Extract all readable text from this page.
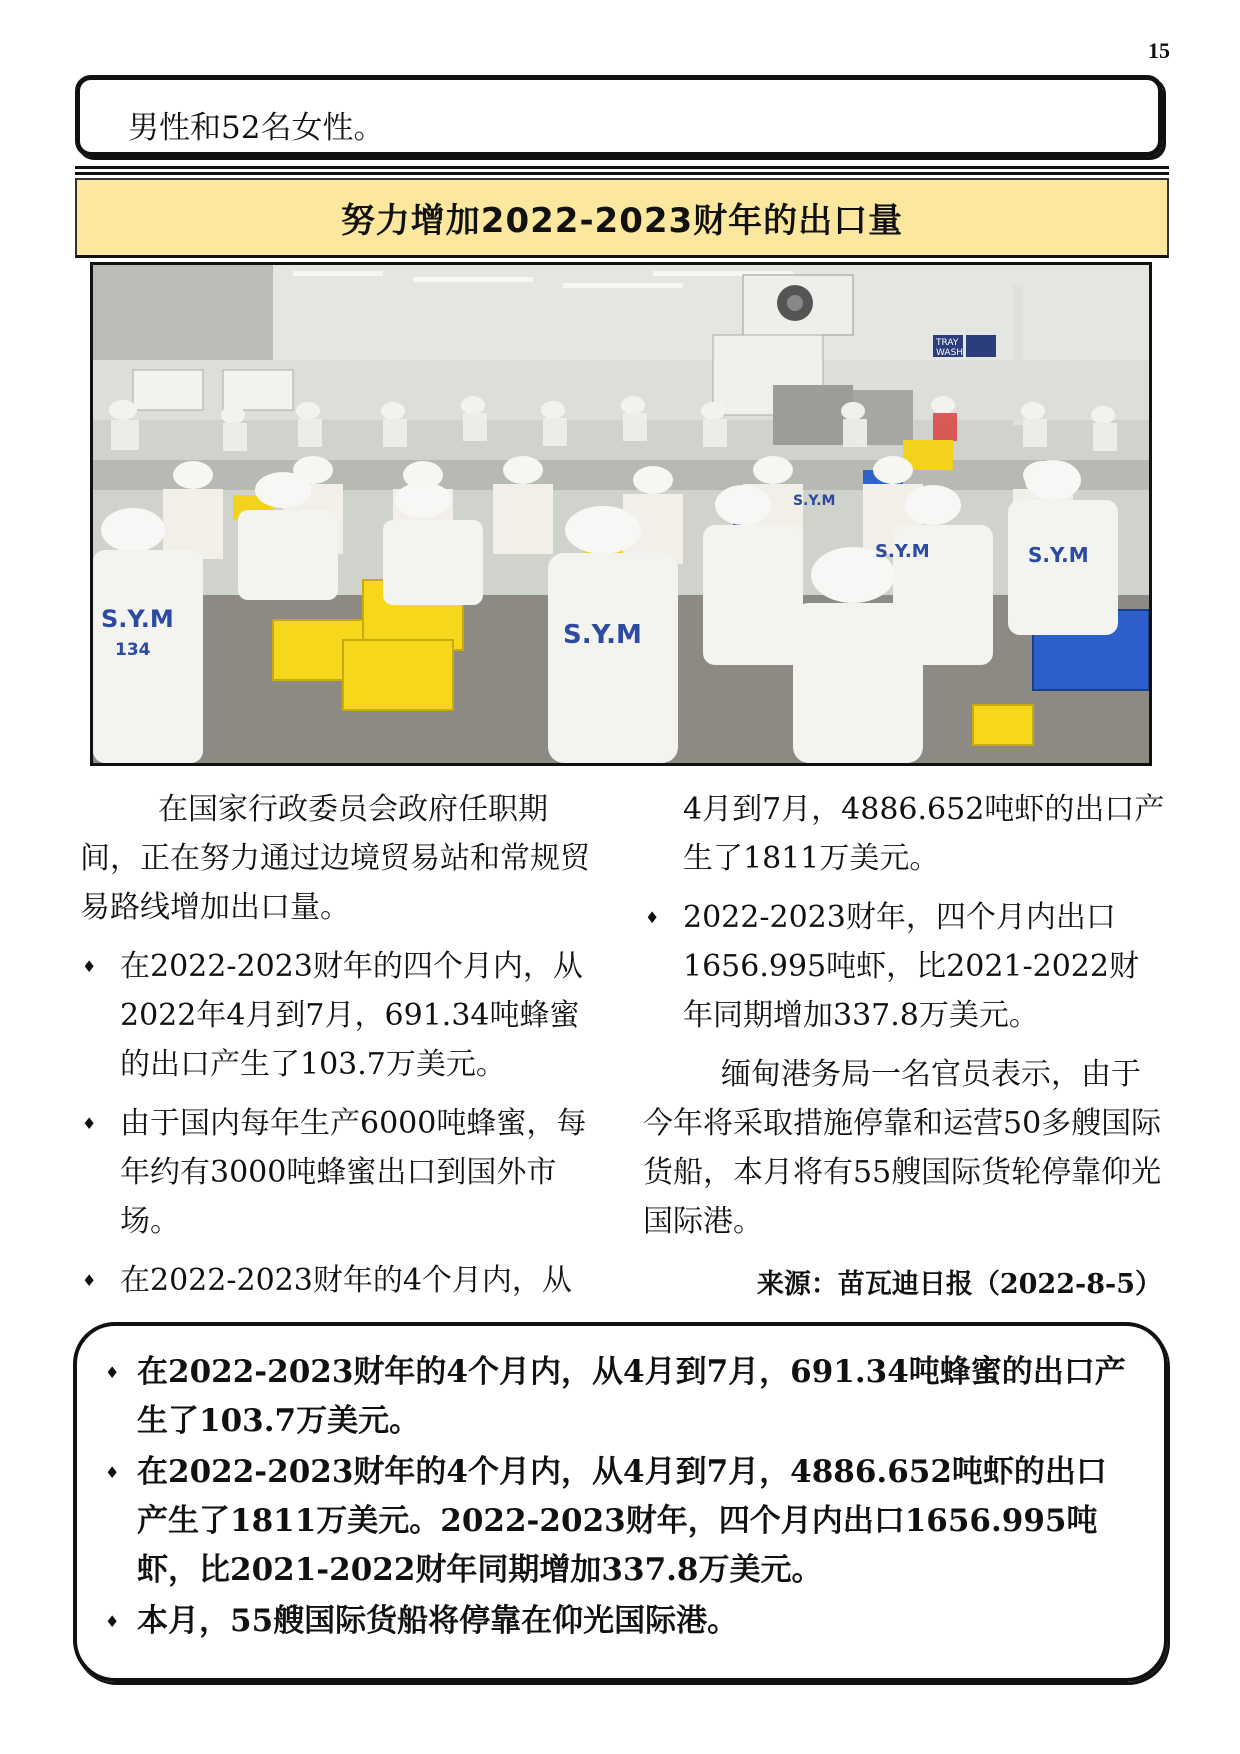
15
男性和52名女性。
努力增加2022-2023财年的出口量
TRAY
WASH
S.Y.M
134	S.Y.M
S.Y.M	S.Y.M
S.Y.M

在国家行政委员会政府任职期间，正在努力通过边境贸易站和常规贸易路线增加出口量。

♦ 在2022-2023财年的四个月内，从2022年4月到7月，691.34吨蜂蜜的出口产生了103.7万美元。

♦ 由于国内每年生产6000吨蜂蜜，每年约有3000吨蜂蜜出口到国外市场。

♦ 在2022-2023财年的4个月内，从

4月到7月，4886.652吨虾的出口产生了1811万美元。

♦ 2022-2023财年，四个月内出口1656.995吨虾，比2021-2022财年同期增加337.8万美元。

缅甸港务局一名官员表示，由于今年将采取措施停靠和运营50多艘国际货船，本月将有55艘国际货轮停靠仰光国际港。

来源：苗瓦迪日报（2022-8-5）

♦ 在2022-2023财年的4个月内，从4月到7月，691.34吨蜂蜜的出口产生了103.7万美元。

♦ 在2022-2023财年的4个月内，从4月到7月，4886.652吨虾的出口产生了1811万美元。2022-2023财年，四个月内出口1656.995吨虾，比2021-2022财年同期增加337.8万美元。

♦ 本月，55艘国际货船将停靠在仰光国际港。
